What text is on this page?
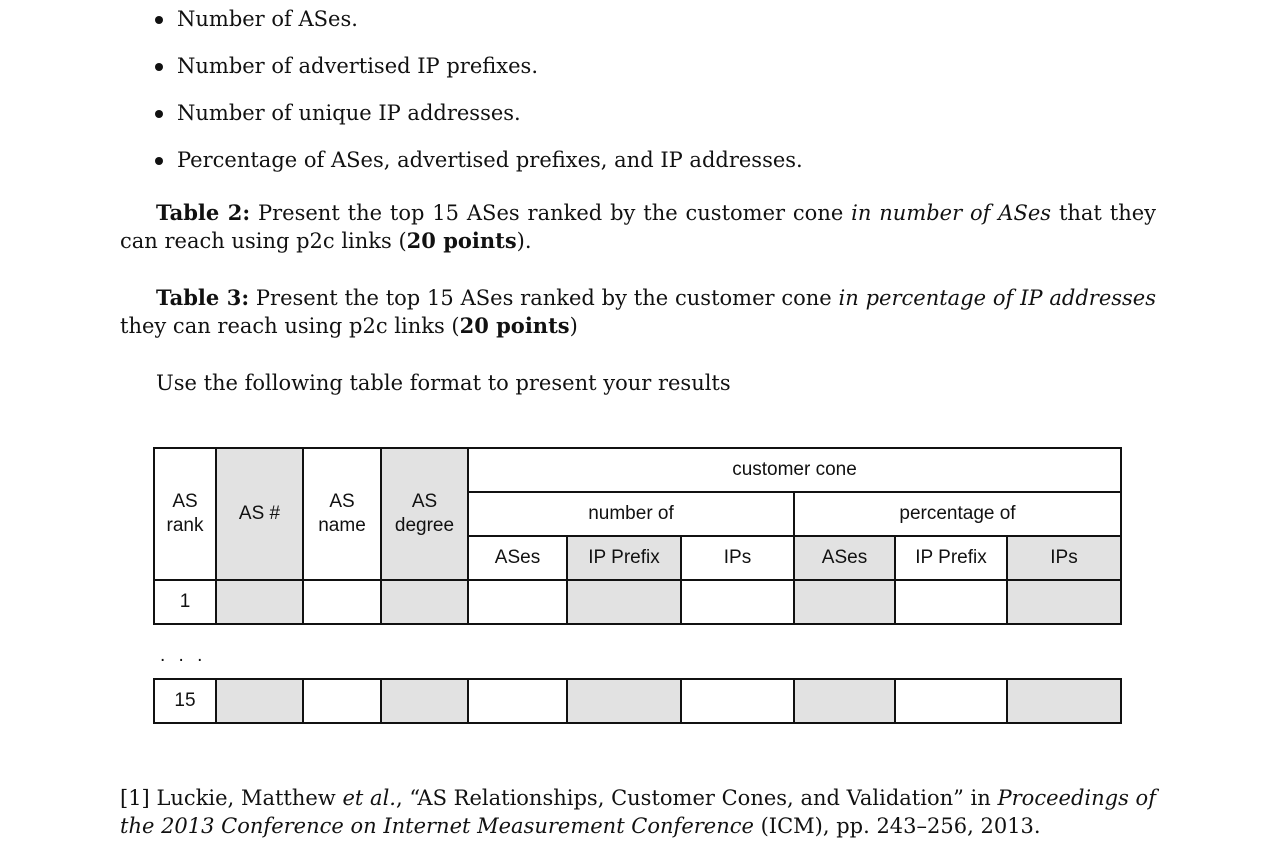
Number of ASes.
Number of advertised IP prefixes.
Number of unique IP addresses.
Percentage of ASes, advertised prefixes, and IP addresses.

Table 2: Present the top 15 ASes ranked by the customer cone in number of ASes that they can reach using p2c links (20 points).

Table 3: Present the top 15 ASes ranked by the customer cone in percentage of IP addresses they can reach using p2c links (20 points)

Use the following table format to present your results

AS rank	AS #	AS name	AS degree	customer cone					
				number of			percentage of		
				ASes	IP Prefix	IPs	ASes	IP Prefix	IPs
1									
. . .
15									

[1] Luckie, Matthew et al., “AS Relationships, Customer Cones, and Validation” in Proceedings of the 2013 Conference on Internet Measurement Conference (ICM), pp. 243–256, 2013.
